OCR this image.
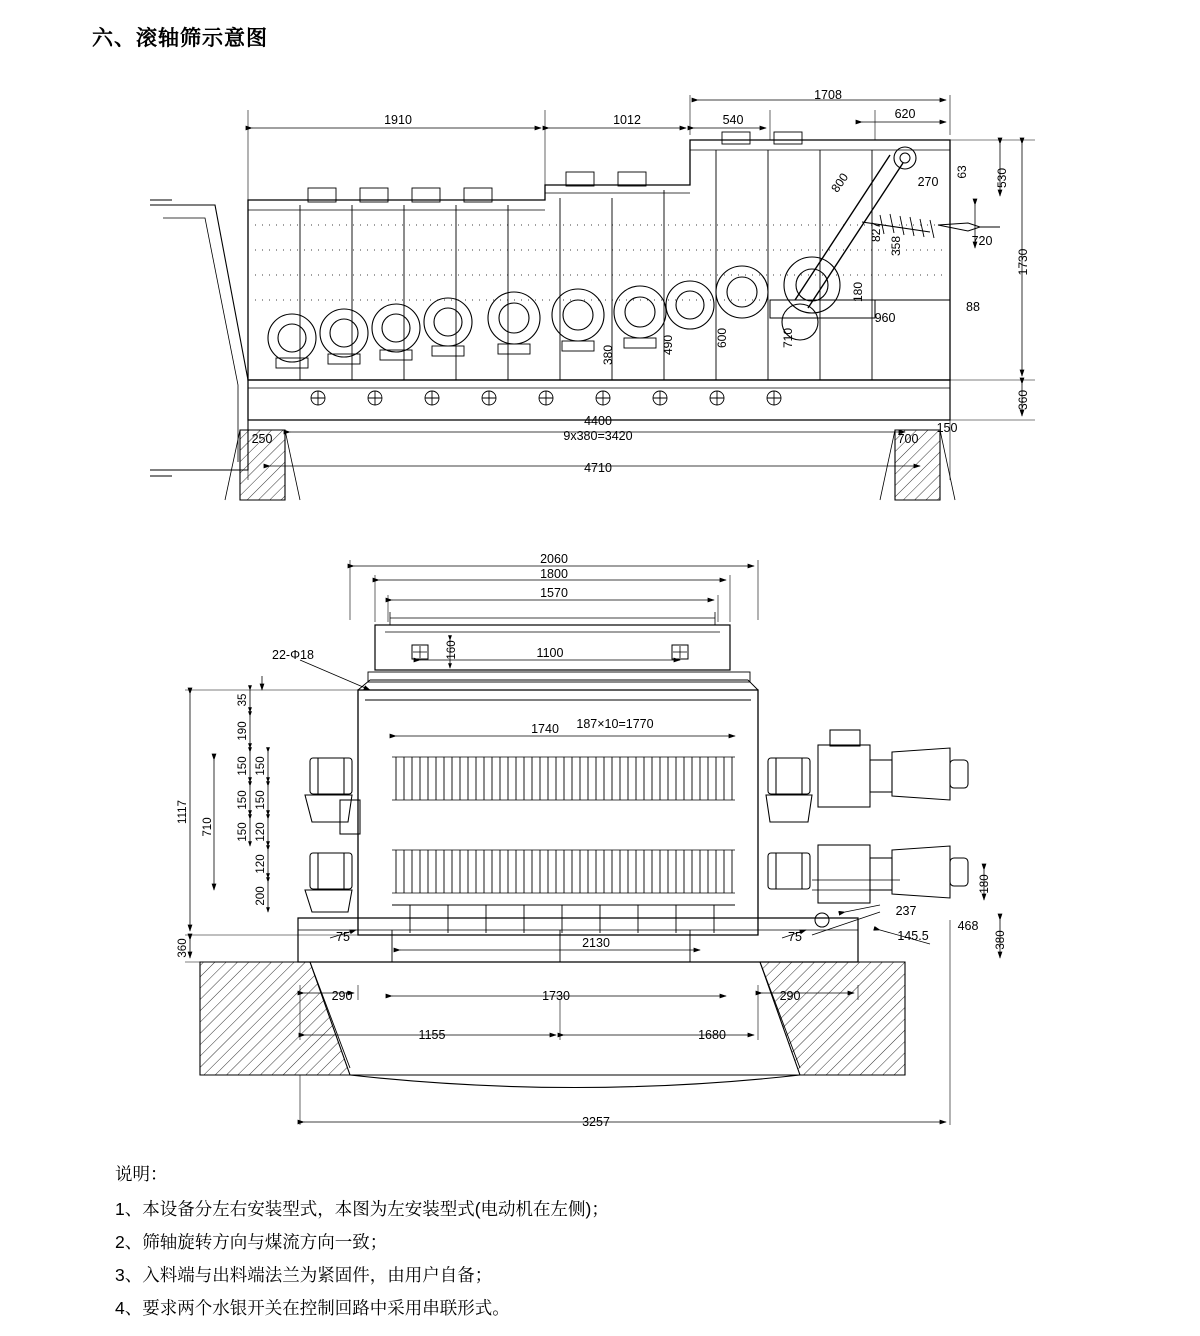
六、滚轴筛示意图
1910	1012	540
1708
620
270
720
88
960
4400
9x380=3420
4710
250	700
150
1730
530
63
360
827
358
800
180
710
600
490
380
2060
1800
1570
1100
22-Φ18
1740 187×10=1770
2130
290	290
1730
1155	1680
3257
237
145.5
468
75	75
1117
710
360
35
190
150 150
150 150
150 120
120
200
160
180
380
说明：
1、本设备分左右安装型式，本图为左安装型式(电动机在左侧)；
2、筛轴旋转方向与煤流方向一致；
3、入料端与出料端法兰为紧固件，由用户自备；
4、要求两个水银开关在控制回路中采用串联形式。
